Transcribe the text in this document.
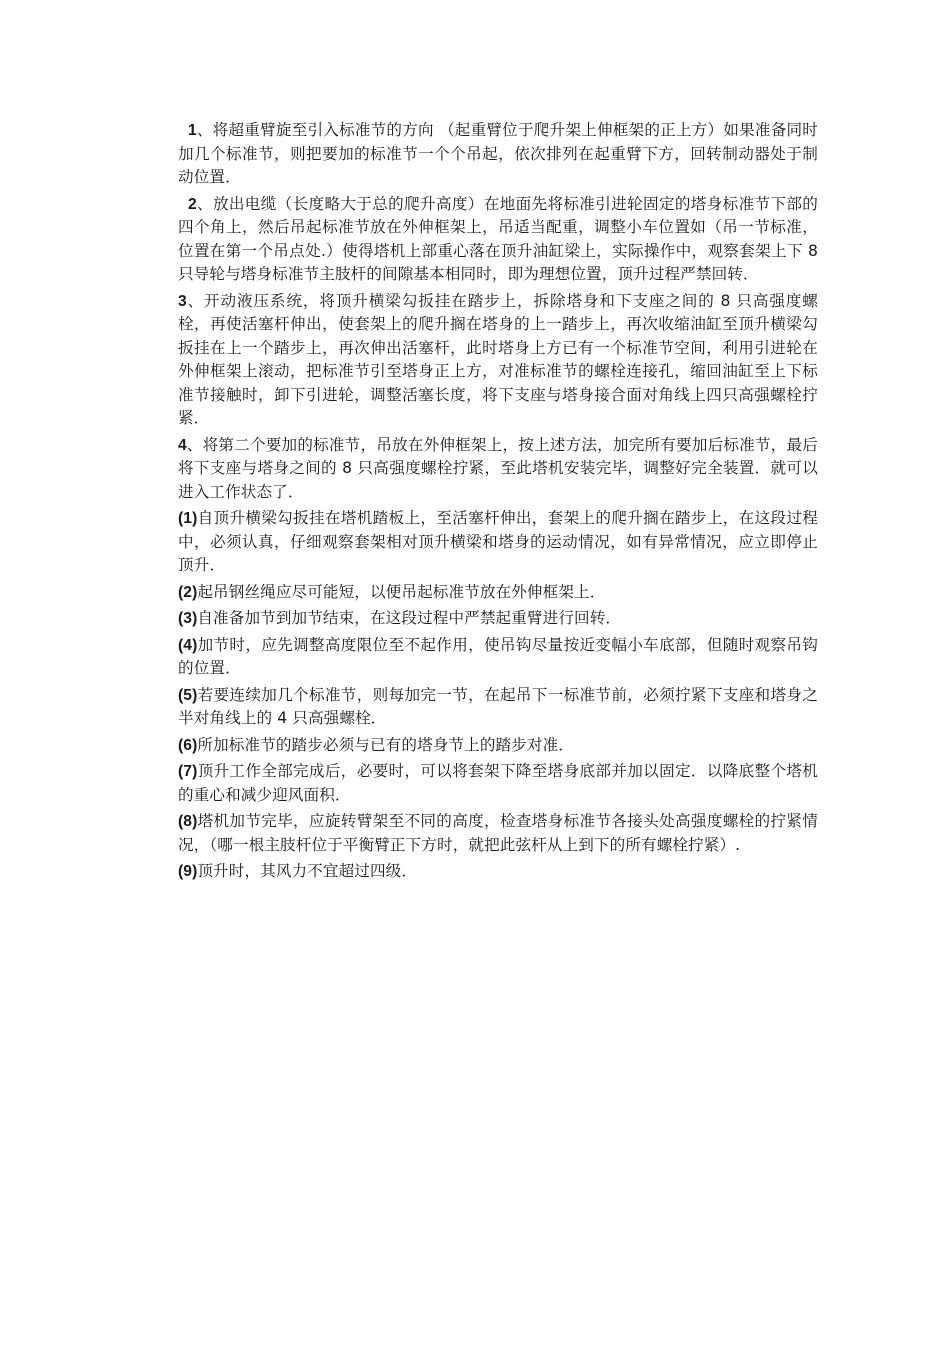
1、将超重臂旋至引入标准节的方向 （起重臂位于爬升架上伸框架的正上方）如果准备同时加几个标准节，则把要加的标准节一个个吊起，依次排列在起重臂下方，回转制动器处于制动位置．

2、放出电缆（长度略大于总的爬升高度）在地面先将标准引进轮固定的塔身标准节下部的四个角上，然后吊起标准节放在外伸框架上，吊适当配重，调整小车位置如（吊一节标准，位置在第一个吊点处.）使得塔机上部重心落在顶升油缸梁上，实际操作中，观察套架上下 8 只导轮与塔身标准节主肢杆的间隙基本相同时，即为理想位置，顶升过程严禁回转．

3、开动液压系统，将顶升横梁勾扳挂在踏步上，拆除塔身和下支座之间的 8 只高强度螺栓，再使活塞杆伸出，使套架上的爬升搁在塔身的上一踏步上，再次收缩油缸至顶升横梁勾扳挂在上一个踏步上，再次伸出活塞杆，此时塔身上方已有一个标准节空间，利用引进轮在外伸框架上滚动，把标准节引至塔身正上方，对准标准节的螺栓连接孔，缩回油缸至上下标准节接触时，卸下引进轮，调整活塞长度，将下支座与塔身接合面对角线上四只高强螺栓拧紧．

4、将第二个要加的标准节，吊放在外伸框架上，按上述方法，加完所有要加后标准节，最后将下支座与塔身之间的 8 只高强度螺栓拧紧，至此塔机安装完毕，调整好完全装置．就可以进入工作状态了．

(1)自顶升横梁勾扳挂在塔机踏板上，至活塞杆伸出，套架上的爬升搁在踏步上，在这段过程中，必须认真，仔细观察套架相对顶升横梁和塔身的运动情况，如有异常情况，应立即停止顶升．

(2)起吊钢丝绳应尽可能短，以便吊起标准节放在外伸框架上．

(3)自准备加节到加节结束，在这段过程中严禁起重臂进行回转．

(4)加节时，应先调整高度限位至不起作用，使吊钩尽量按近变幅小车底部，但随时观察吊钩的位置．

(5)若要连续加几个标准节，则每加完一节，在起吊下一标准节前，必须拧紧下支座和塔身之半对角线上的 4 只高强螺栓．

(6)所加标准节的踏步必须与已有的塔身节上的踏步对准．

(7)顶升工作全部完成后，必要时，可以将套架下降至塔身底部并加以固定．以降底整个塔机的重心和减少迎风面积．

(8)塔机加节完毕，应旋转臂架至不同的高度，检查塔身标准节各接头处高强度螺栓的拧紧情况，（哪一根主肢杆位于平衡臂正下方时，就把此弦杆从上到下的所有螺栓拧紧）.

(9)顶升时，其风力不宜超过四级．
